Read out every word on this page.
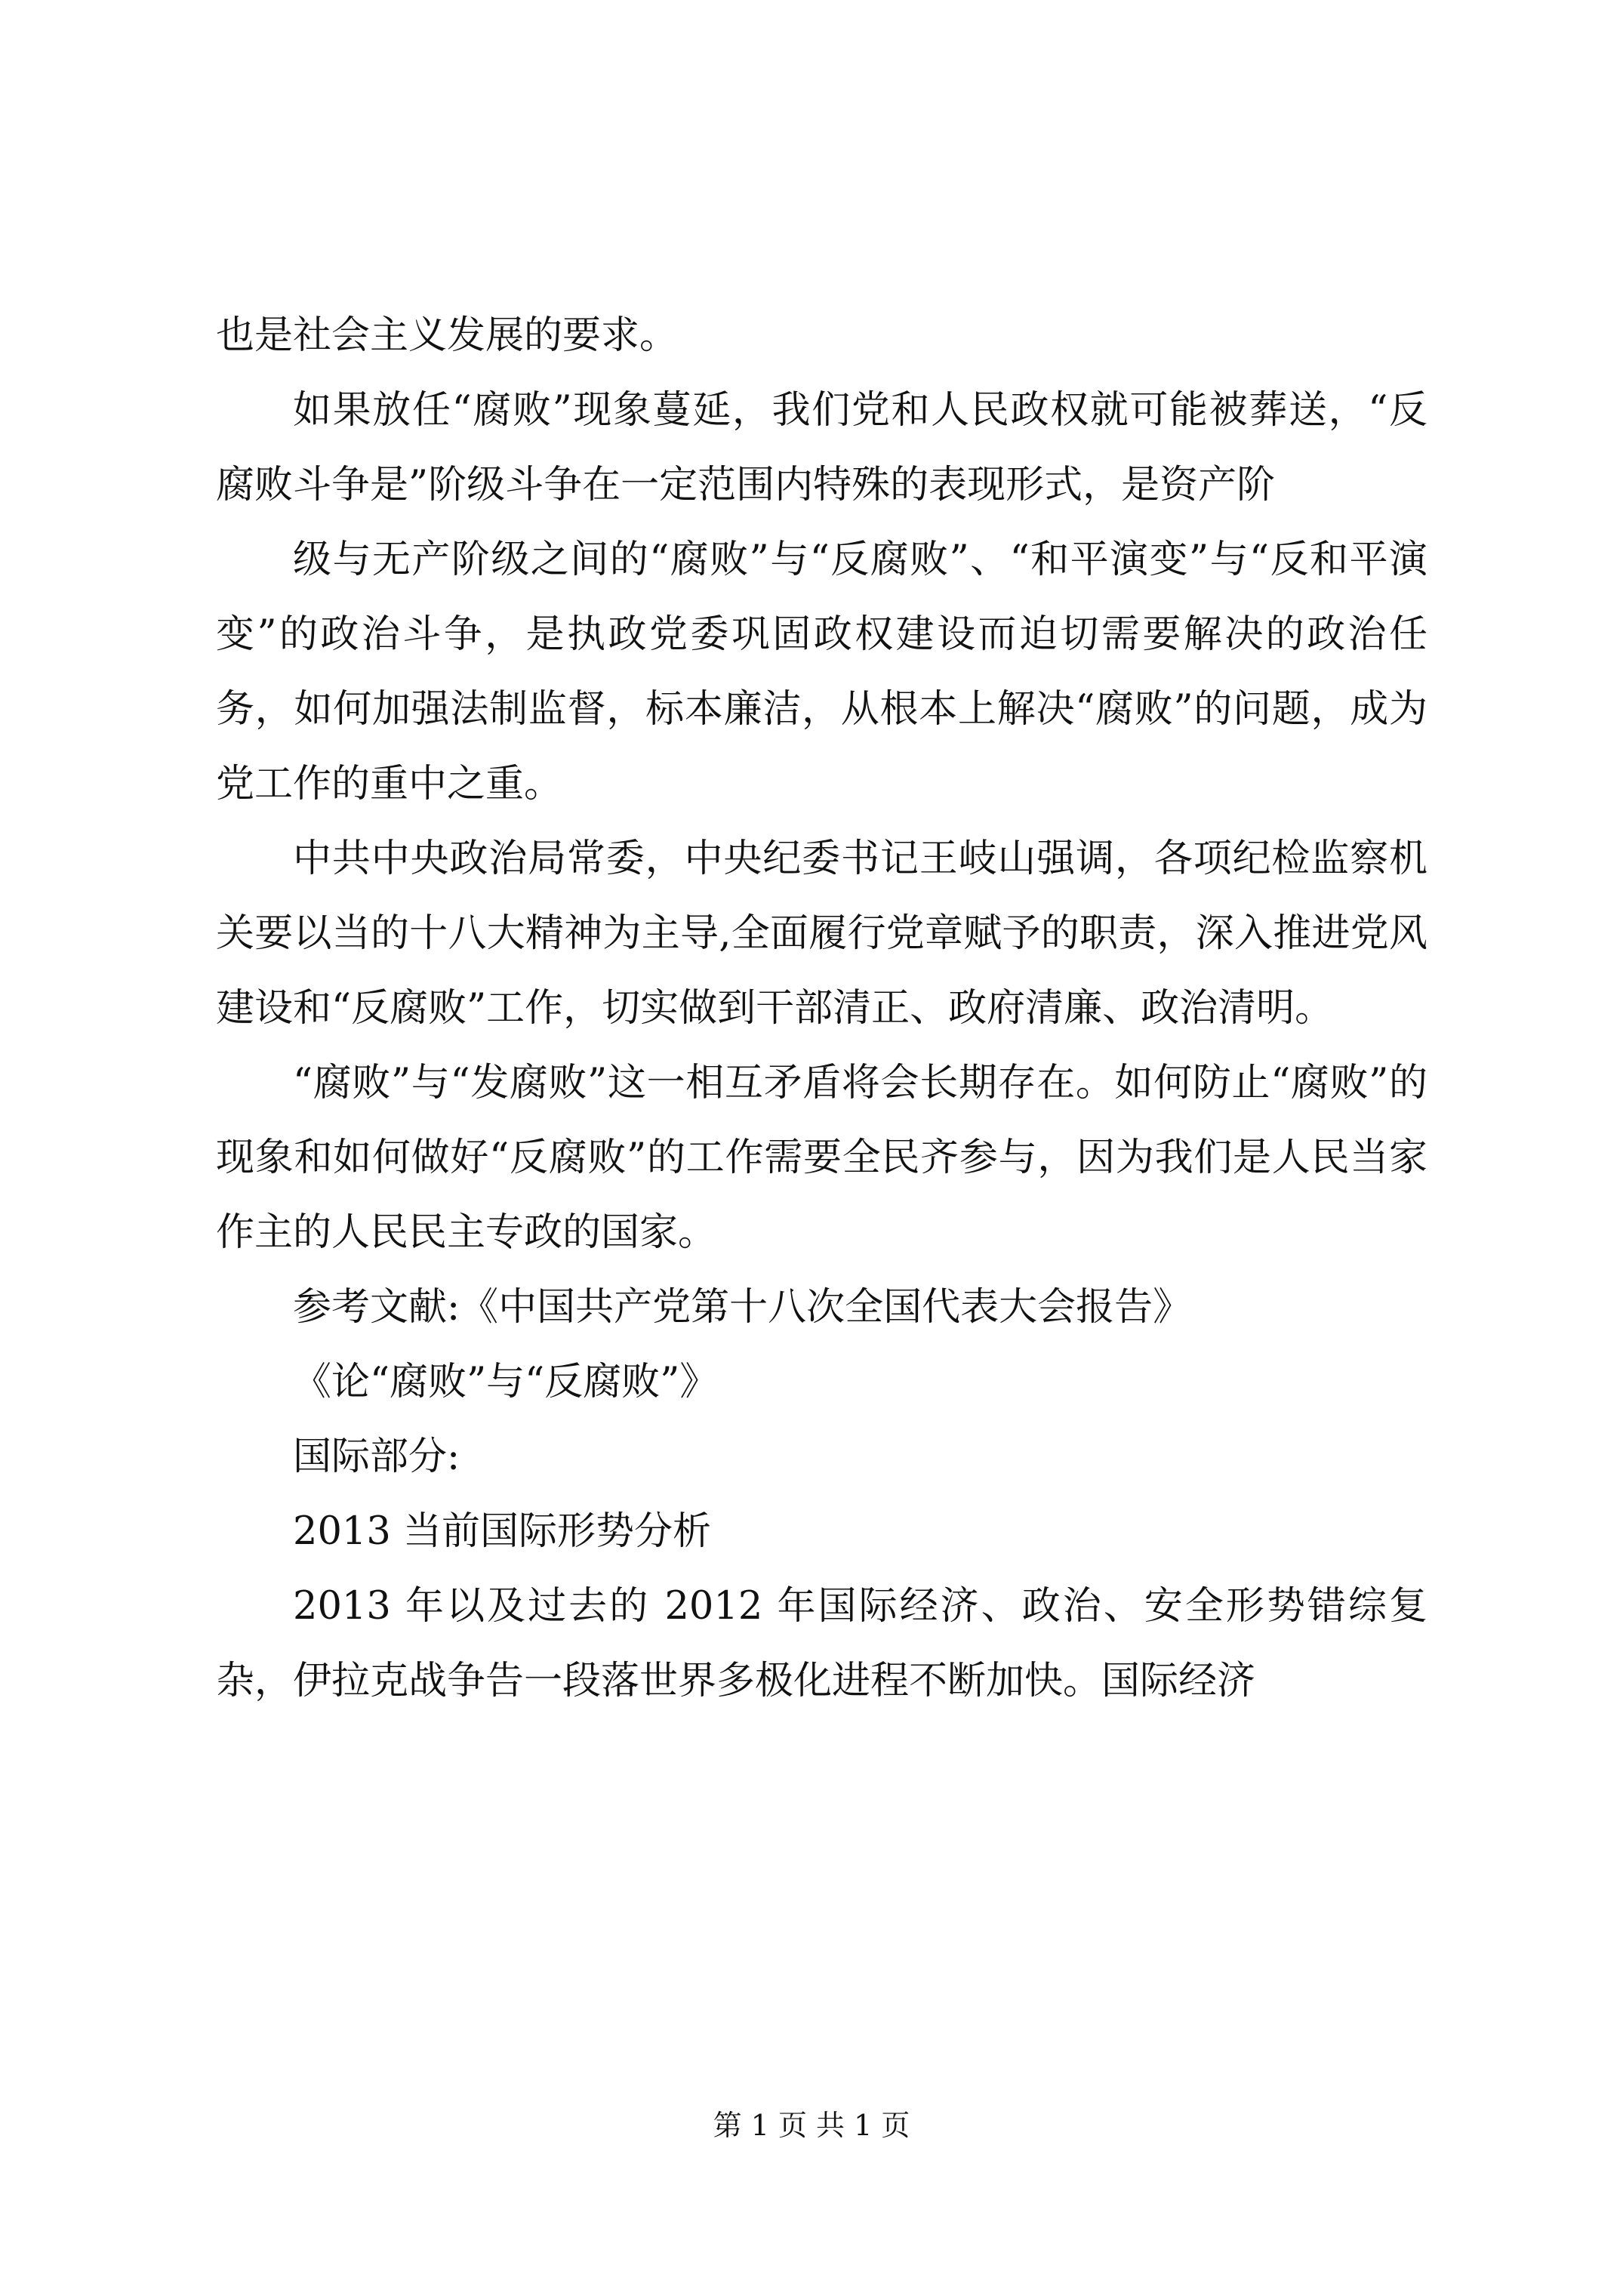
也是社会主义发展的要求。

如果放任“腐败”现象蔓延，我们党和人民政权就可能被葬送，“反腐败斗争是”阶级斗争在一定范围内特殊的表现形式，是资产阶

级与无产阶级之间的“腐败”与“反腐败”、“和平演变”与“反和平演变”的政治斗争，是执政党委巩固政权建设而迫切需要解决的政治任务，如何加强法制监督，标本廉洁，从根本上解决“腐败”的问题，成为党工作的重中之重。

中共中央政治局常委，中央纪委书记王岐山强调，各项纪检监察机关要以当的十八大精神为主导,全面履行党章赋予的职责，深入推进党风建设和“反腐败”工作，切实做到干部清正、政府清廉、政治清明。

“腐败”与“发腐败”这一相互矛盾将会长期存在。如何防止“腐败”的现象和如何做好“反腐败”的工作需要全民齐参与，因为我们是人民当家作主的人民民主专政的国家。

参考文献:《中国共产党第十八次全国代表大会报告》

《论“腐败”与“反腐败”》

国际部分:

2013 当前国际形势分析

2013 年以及过去的 2012 年国际经济、政治、安全形势错综复杂，伊拉克战争告一段落世界多极化进程不断加快。国际经济

第 1 页 共 1 页
